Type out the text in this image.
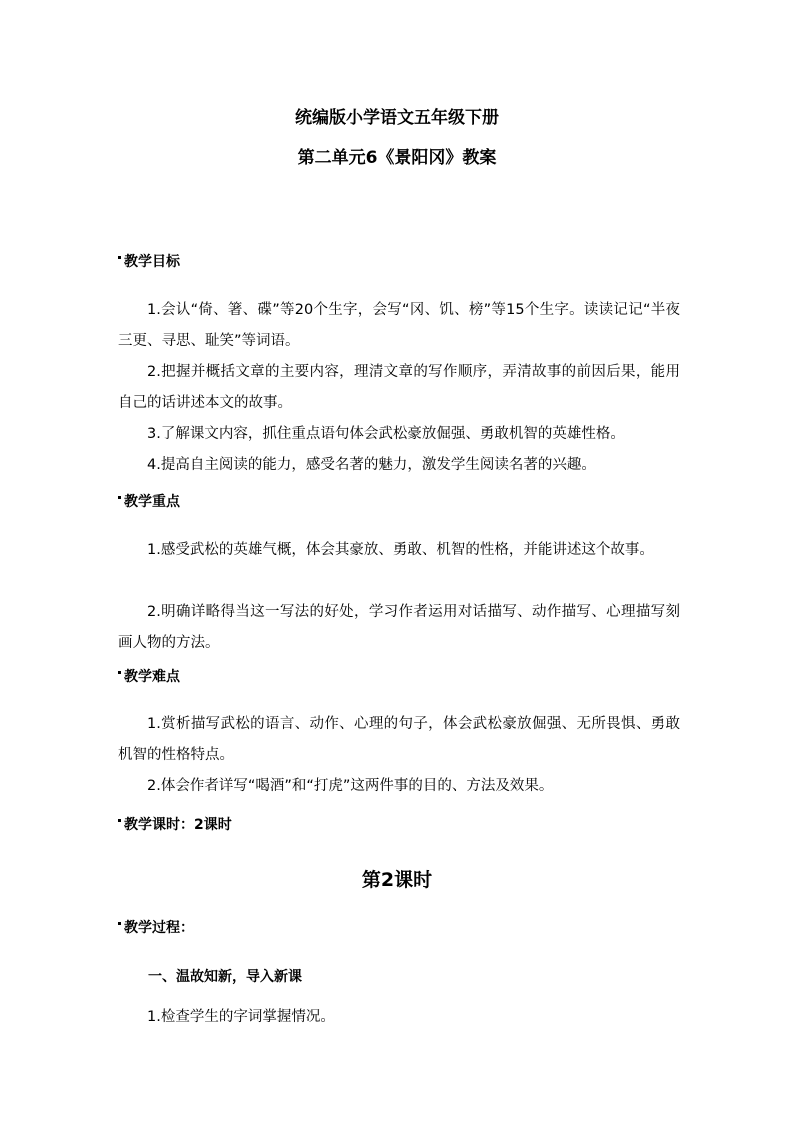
统编版小学语文五年级下册
第二单元6《景阳冈》教案
教学目标
1.会认“倚、箸、碟”等20个生字，会写“冈、饥、榜”等15个生字。读读记记“半夜三更、寻思、耻笑”等词语。
2.把握并概括文章的主要内容，理清文章的写作顺序，弄清故事的前因后果，能用自己的话讲述本文的故事。
3.了解课文内容，抓住重点语句体会武松豪放倔强、勇敢机智的英雄性格。
4.提高自主阅读的能力，感受名著的魅力，激发学生阅读名著的兴趣。
教学重点
1.感受武松的英雄气概，体会其豪放、勇敢、机智的性格，并能讲述这个故事。
2.明确详略得当这一写法的好处，学习作者运用对话描写、动作描写、心理描写刻画人物的方法。
教学难点
1.赏析描写武松的语言、动作、心理的句子，体会武松豪放倔强、无所畏惧、勇敢机智的性格特点。
2.体会作者详写“喝酒”和“打虎”这两件事的目的、方法及效果。
教学课时：2课时
第2课时
教学过程：
一、温故知新，导入新课
1.检查学生的字词掌握情况。
